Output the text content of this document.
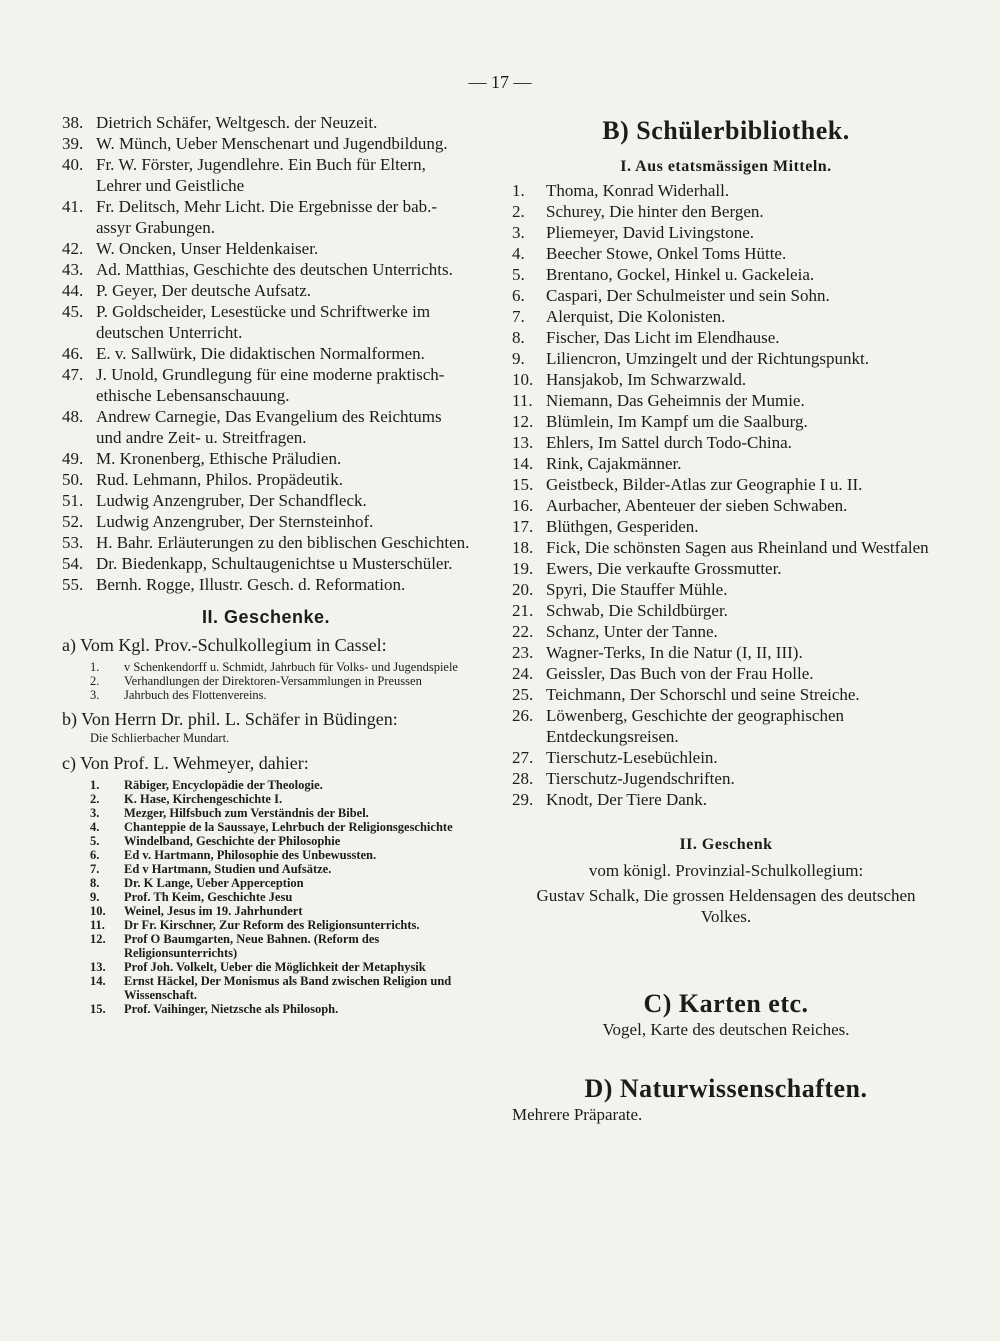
— 17 —
38. Dietrich Schäfer, Weltgesch. der Neuzeit.
39. W. Münch, Ueber Menschenart und Jugendbildung.
40. Fr. W. Förster, Jugendlehre. Ein Buch für Eltern, Lehrer und Geistliche
41. Fr. Delitsch, Mehr Licht. Die Ergebnisse der bab.-assyr Grabungen.
42. W. Oncken, Unser Heldenkaiser.
43. Ad. Matthias, Geschichte des deutschen Unterrichts.
44. P. Geyer, Der deutsche Aufsatz.
45. P. Goldscheider, Lesestücke und Schriftwerke im deutschen Unterricht.
46. E. v. Sallwürk, Die didaktischen Normalformen.
47. J. Unold, Grundlegung für eine moderne praktisch-ethische Lebensanschauung.
48. Andrew Carnegie, Das Evangelium des Reichtums und andre Zeit- u. Streitfragen.
49. M. Kronenberg, Ethische Präludien.
50. Rud. Lehmann, Philos. Propädeutik.
51. Ludwig Anzengruber, Der Schandfleck.
52. Ludwig Anzengruber, Der Sternsteinhof.
53. H. Bahr. Erläuterungen zu den biblischen Geschichten.
54. Dr. Biedenkapp, Schultaugenichtse u Musterschüler.
55. Bernh. Rogge, Illustr. Gesch. d. Reformation.
II. Geschenke.

a) Vom Kgl. Prov.-Schulkollegium in Cassel:

1. v Schenkendorff u. Schmidt, Jahrbuch für Volks- und Jugendspiele
2. Verhandlungen der Direktoren-Versammlungen in Preussen
3. Jahrbuch des Flottenvereins.

b) Von Herrn Dr. phil. L. Schäfer in Büdingen:

Die Schlierbacher Mundart.

c) Von Prof. L. Wehmeyer, dahier:

1. Räbiger, Encyclopädie der Theologie.
2. K. Hase, Kirchengeschichte I.
3. Mezger, Hilfsbuch zum Verständnis der Bibel.
4. Chanteppie de la Saussaye, Lehrbuch der Religionsgeschichte
5. Windelband, Geschichte der Philosophie
6. Ed v. Hartmann, Philosophie des Unbewussten.
7. Ed v Hartmann, Studien und Aufsätze.
8. Dr. K Lange, Ueber Apperception
9. Prof. Th Keim, Geschichte Jesu
10. Weinel, Jesus im 19. Jahrhundert
11. Dr Fr. Kirschner, Zur Reform des Religionsunterrichts.
12. Prof O Baumgarten, Neue Bahnen. (Reform des Religionsunterrichts)
13. Prof Joh. Volkelt, Ueber die Möglichkeit der Metaphysik
14. Ernst Häckel, Der Monismus als Band zwischen Religion und Wissenschaft.
15. Prof. Vaihinger, Nietzsche als Philosoph.
B) Schülerbibliothek.
I. Aus etatsmässigen Mitteln.
1. Thoma, Konrad Widerhall.
2. Schurey, Die hinter den Bergen.
3. Pliemeyer, David Livingstone.
4. Beecher Stowe, Onkel Toms Hütte.
5. Brentano, Gockel, Hinkel u. Gackeleia.
6. Caspari, Der Schulmeister und sein Sohn.
7. Alerquist, Die Kolonisten.
8. Fischer, Das Licht im Elendhause.
9. Liliencron, Umzingelt und der Richtungspunkt.
10. Hansjakob, Im Schwarzwald.
11. Niemann, Das Geheimnis der Mumie.
12. Blümlein, Im Kampf um die Saalburg.
13. Ehlers, Im Sattel durch Todo-China.
14. Rink, Cajakmänner.
15. Geistbeck, Bilder-Atlas zur Geographie I u. II.
16. Aurbacher, Abenteuer der sieben Schwaben.
17. Blüthgen, Gesperiden.
18. Fick, Die schönsten Sagen aus Rheinland und Westfalen
19. Ewers, Die verkaufte Grossmutter.
20. Spyri, Die Stauffer Mühle.
21. Schwab, Die Schildbürger.
22. Schanz, Unter der Tanne.
23. Wagner-Terks, In die Natur (I, II, III).
24. Geissler, Das Buch von der Frau Holle.
25. Teichmann, Der Schorschl und seine Streiche.
26. Löwenberg, Geschichte der geographischen Entdeckungsreisen.
27. Tierschutz-Lesebüchlein.
28. Tierschutz-Jugendschriften.
29. Knodt, Der Tiere Dank.
II. Geschenk
vom königl. Provinzial-Schulkollegium:
Gustav Schalk, Die grossen Heldensagen des deutschen Volkes.
C) Karten etc.
Vogel, Karte des deutschen Reiches.
D) Naturwissenschaften.
Mehrere Präparate.
